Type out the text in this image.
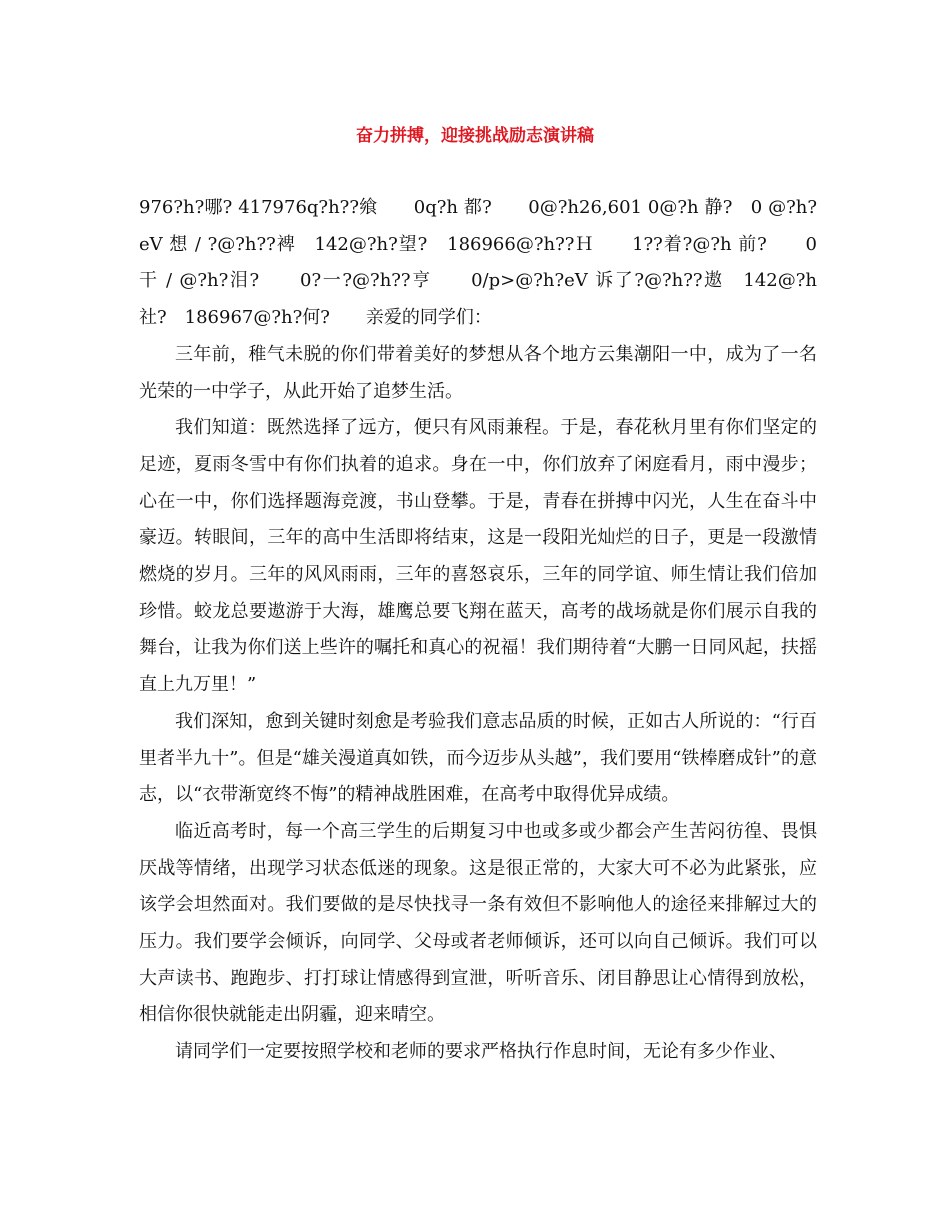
奋力拼搏，迎接挑战励志演讲稿

976?h?哪? 417976q?h??飨　　0q?h 都?　　0@?h26,601 0@?h 静?　0 @?h?eV 想 / ?@?h??裨　142@?h?望?　186966@?h??Ｈ　　1??着?@?h 前?　　0 干 / @?h?泪?　　0?一?@?h??亨　　0/p>@?h?eV 诉了?@?h??遨　142@?h 社?　186967@?h?何?　　亲爱的同学们：

三年前，稚气未脱的你们带着美好的梦想从各个地方云集潮阳一中，成为了一名光荣的一中学子，从此开始了追梦生活。

我们知道：既然选择了远方，便只有风雨兼程。于是，春花秋月里有你们坚定的足迹，夏雨冬雪中有你们执着的追求。身在一中，你们放弃了闲庭看月，雨中漫步；心在一中，你们选择题海竞渡，书山登攀。于是，青春在拼搏中闪光，人生在奋斗中豪迈。转眼间，三年的高中生活即将结束，这是一段阳光灿烂的日子，更是一段激情燃烧的岁月。三年的风风雨雨，三年的喜怒哀乐，三年的同学谊、师生情让我们倍加珍惜。蛟龙总要遨游于大海，雄鹰总要飞翔在蓝天，高考的战场就是你们展示自我的舞台，让我为你们送上些许的嘱托和真心的祝福！我们期待着“大鹏一日同风起，扶摇直上九万里！”

我们深知，愈到关键时刻愈是考验我们意志品质的时候，正如古人所说的：“行百里者半九十”。但是“雄关漫道真如铁，而今迈步从头越”，我们要用“铁棒磨成针”的意志，以“衣带渐宽终不悔”的精神战胜困难，在高考中取得优异成绩。

临近高考时，每一个高三学生的后期复习中也或多或少都会产生苦闷彷徨、畏惧厌战等情绪，出现学习状态低迷的现象。这是很正常的，大家大可不必为此紧张，应该学会坦然面对。我们要做的是尽快找寻一条有效但不影响他人的途径来排解过大的压力。我们要学会倾诉，向同学、父母或者老师倾诉，还可以向自己倾诉。我们可以大声读书、跑跑步、打打球让情感得到宣泄，听听音乐、闭目静思让心情得到放松，相信你很快就能走出阴霾，迎来晴空。

请同学们一定要按照学校和老师的要求严格执行作息时间，无论有多少作业、
